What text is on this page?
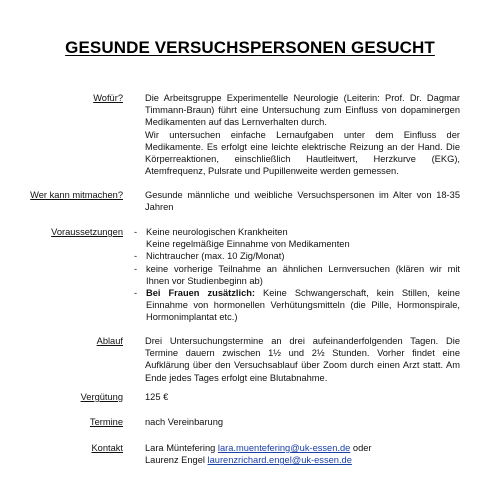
GESUNDE VERSUCHSPERSONEN GESUCHT
Wofür? Die Arbeitsgruppe Experimentelle Neurologie (Leiterin: Prof. Dr. Dagmar Timmann-Braun) führt eine Untersuchung zum Einfluss von dopaminergen Medikamenten auf das Lernverhalten durch.

Wir untersuchen einfache Lernaufgaben unter dem Einfluss der Medikamente. Es erfolgt eine leichte elektrische Reizung an der Hand. Die Körperreaktionen, einschließlich Hautleitwert, Herzkurve (EKG), Atemfrequenz, Pulsrate und Pupillenweite werden gemessen.

Wer kann mitmachen? Gesunde männliche und weibliche Versuchspersonen im Alter von 18-35 Jahren
Voraussetzungen - Keine neurologischen Krankheiten
Keine regelmäßige Einnahme von Medikamenten
- Nichtraucher (max. 10 Zig/Monat)
- keine vorherige Teilnahme an ähnlichen Lernversuchen (klären wir mit Ihnen vor Studienbeginn ab)
- Bei Frauen zusätzlich: Keine Schwangerschaft, kein Stillen, keine Einnahme von hormonellen Verhütungsmitteln (die Pille, Hormonspirale, Hormonimplantat etc.)
Ablauf Drei Untersuchungstermine an drei aufeinanderfolgenden Tagen. Die Termine dauern zwischen 1½ und 2½ Stunden. Vorher findet eine Aufklärung über den Versuchsablauf über Zoom durch einen Arzt statt. Am Ende jedes Tages erfolgt eine Blutabnahme.
Vergütung 125 €
Termine nach Vereinbarung
Kontakt Lara Müntefering lara.muentefering@uk-essen.de oder
Laurenz Engel laurenzrichard.engel@uk-essen.de
